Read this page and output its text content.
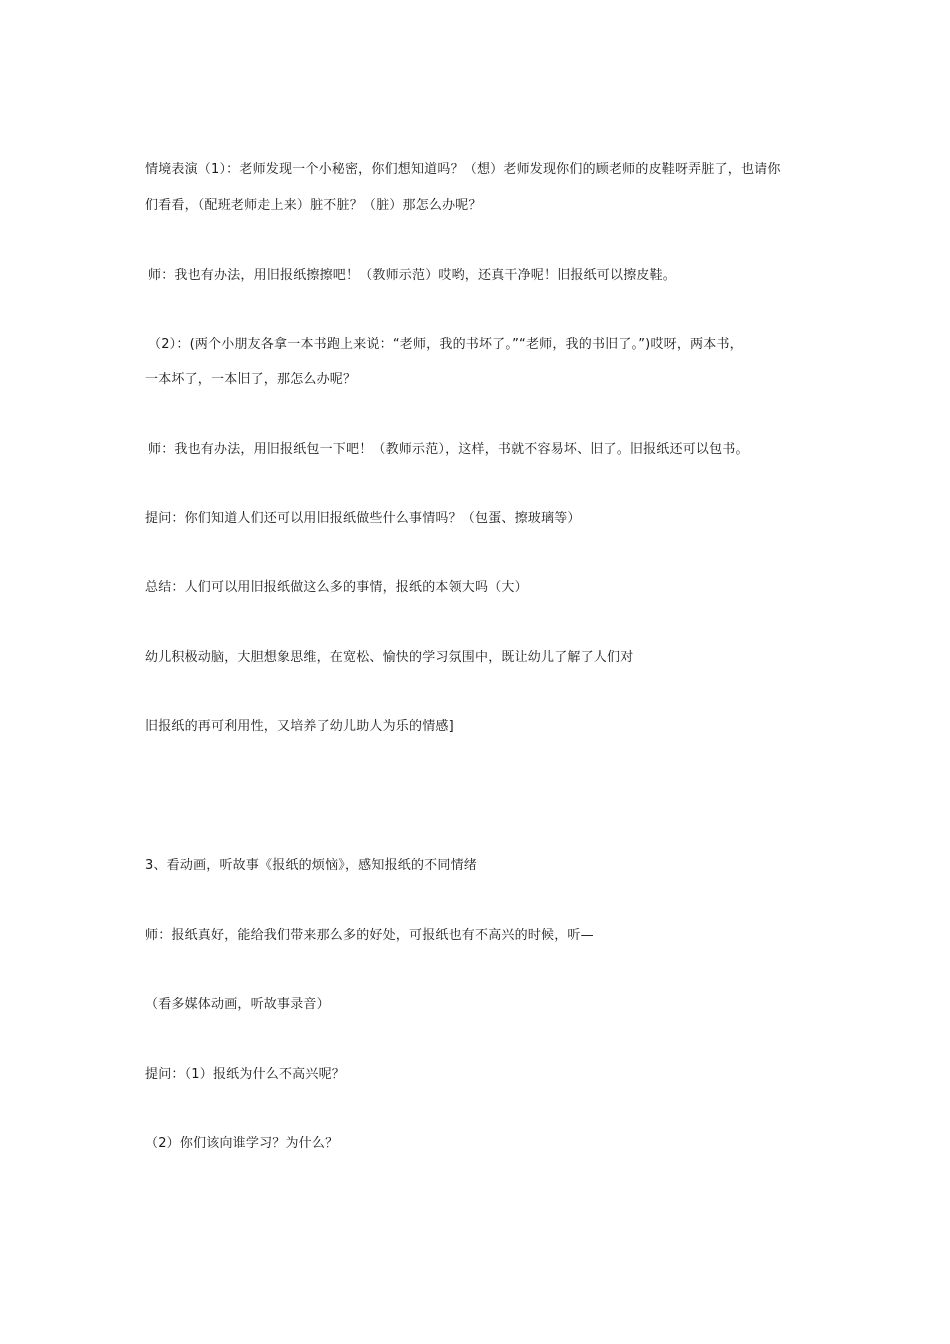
情境表演（1）：老师发现一个小秘密，你们想知道吗？（想）老师发现你们的顾老师的皮鞋呀弄脏了，也请你
们看看，（配班老师走上来）脏不脏？（脏）那怎么办呢？
师：我也有办法，用旧报纸擦擦吧！（教师示范）哎哟，还真干净呢！旧报纸可以擦皮鞋。
（2）：(两个小朋友各拿一本书跑上来说：“老师，我的书坏了。”“老师，我的书旧了。”)哎呀，两本书，
一本坏了，一本旧了，那怎么办呢？
师：我也有办法，用旧报纸包一下吧！（教师示范），这样，书就不容易坏、旧了。旧报纸还可以包书。
提问：你们知道人们还可以用旧报纸做些什么事情吗？（包蛋、擦玻璃等）
总结：人们可以用旧报纸做这么多的事情，报纸的本领大吗（大）
幼儿积极动脑，大胆想象思维，在宽松、愉快的学习氛围中，既让幼儿了解了人们对
旧报纸的再可利用性，又培养了幼儿助人为乐的情感]
3、看动画，听故事《报纸的烦恼》，感知报纸的不同情绪
师：报纸真好，能给我们带来那么多的好处，可报纸也有不高兴的时候，听—
（看多媒体动画，听故事录音）
提问：（1）报纸为什么不高兴呢？
（2）你们该向谁学习？为什么？
